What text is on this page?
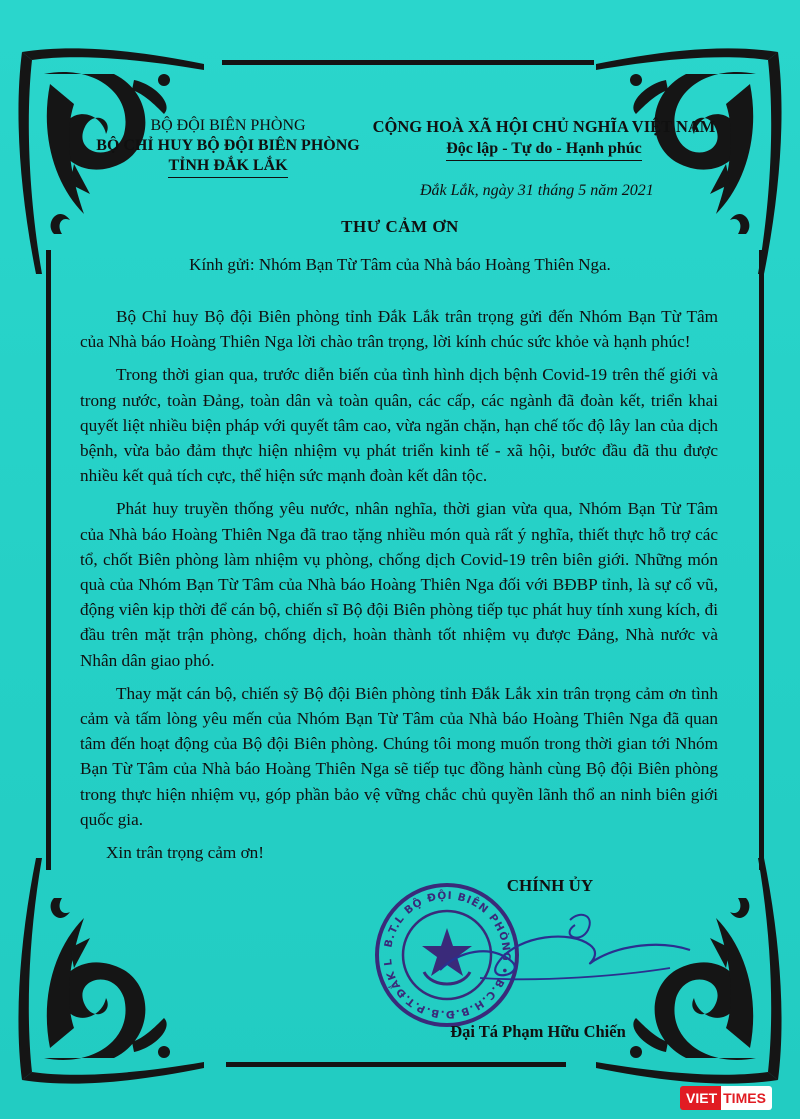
BỘ ĐỘI BIÊN PHÒNG
BỘ CHỈ HUY BỘ ĐỘI BIÊN PHÒNG
TỈNH ĐẮK LẮK
CỘNG HOÀ XÃ HỘI CHỦ NGHĨA VIỆT NAM
Độc lập - Tự do - Hạnh phúc
Đắk Lắk, ngày 31 tháng 5 năm 2021
THƯ CẢM ƠN
Kính gửi: Nhóm Bạn Từ Tâm của Nhà báo Hoàng Thiên Nga.

Bộ Chỉ huy Bộ đội Biên phòng tỉnh Đắk Lắk trân trọng gửi đến Nhóm Bạn Từ Tâm của Nhà báo Hoàng Thiên Nga lời chào trân trọng, lời kính chúc sức khỏe và hạnh phúc!

Trong thời gian qua, trước diễn biến của tình hình dịch bệnh Covid-19 trên thế giới và trong nước, toàn Đảng, toàn dân và toàn quân, các cấp, các ngành đã đoàn kết, triển khai quyết liệt nhiều biện pháp với quyết tâm cao, vừa ngăn chặn, hạn chế tốc độ lây lan của dịch bệnh, vừa bảo đảm thực hiện nhiệm vụ phát triển kinh tế - xã hội, bước đầu đã thu được nhiều kết quả tích cực, thể hiện sức mạnh đoàn kết dân tộc.

Phát huy truyền thống yêu nước, nhân nghĩa, thời gian vừa qua, Nhóm Bạn Từ Tâm của Nhà báo Hoàng Thiên Nga đã trao tặng nhiều món quà rất ý nghĩa, thiết thực hỗ trợ các tổ, chốt Biên phòng làm nhiệm vụ phòng, chống dịch Covid-19 trên biên giới. Những món quà của Nhóm Bạn Từ Tâm của Nhà báo Hoàng Thiên Nga đối với BĐBP tỉnh, là sự cổ vũ, động viên kịp thời để cán bộ, chiến sĩ Bộ đội Biên phòng tiếp tục phát huy tính xung kích, đi đầu trên mặt trận phòng, chống dịch, hoàn thành tốt nhiệm vụ được Đảng, Nhà nước và Nhân dân giao phó.

Thay mặt cán bộ, chiến sỹ Bộ đội Biên phòng tỉnh Đắk Lắk xin trân trọng cảm ơn tình cảm và tấm lòng yêu mến của Nhóm Bạn Từ Tâm của Nhà báo Hoàng Thiên Nga đã quan tâm đến hoạt động của Bộ đội Biên phòng. Chúng tôi mong muốn trong thời gian tới Nhóm Bạn Từ Tâm của Nhà báo Hoàng Thiên Nga sẽ tiếp tục đồng hành cùng Bộ đội Biên phòng trong thực hiện nhiệm vụ, góp phần bảo vệ vững chắc chủ quyền lãnh thổ an ninh biên giới quốc gia.

Xin trân trọng cảm ơn!

B.T.L BỘ ĐỘI BIÊN PHÒNG • B.C.H.B.Đ.B.P.T.ĐẮK L
CHÍNH ỦY
Đại Tá Phạm Hữu Chiến
VIET TIMES
